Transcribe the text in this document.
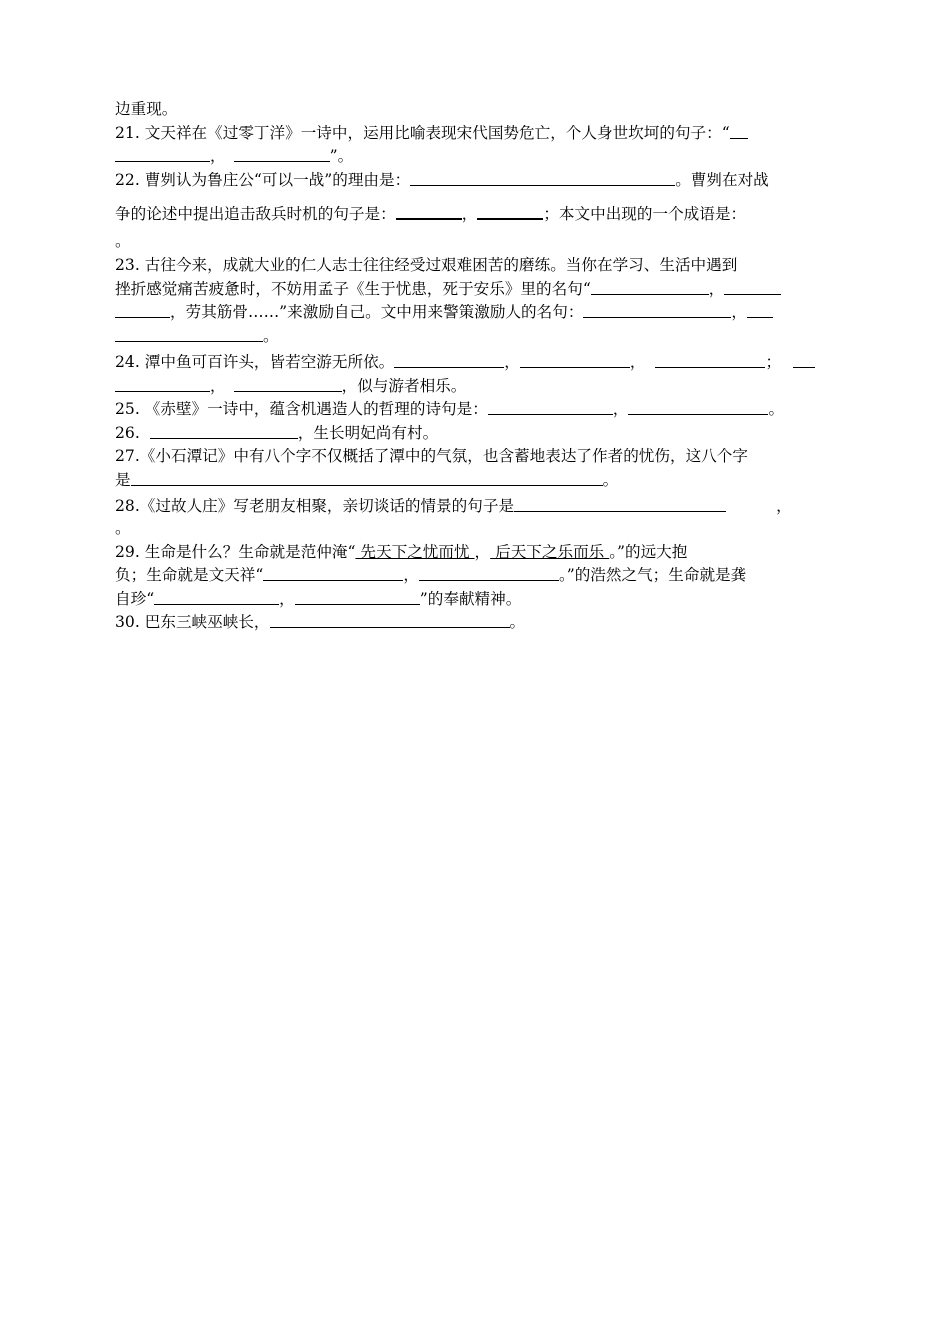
边重现。
21. 文天祥在《过零丁洋》一诗中，运用比喻表现宋代国势危亡，个人身世坎坷的句子：“
，	”。
22. 曹刿认为鲁庄公“可以一战”的理由是：	。曹刿在对战
争的论述中提出追击敌兵时机的句子是：	，	；本文中出现的一个成语是：
。
23. 古往今来，成就大业的仁人志士往往经受过艰难困苦的磨练。当你在学习、生活中遇到
挫折感觉痛苦疲惫时，不妨用孟子《生于忧患，死于安乐》里的名句“	，
，劳其筋骨……”来激励自己。文中用来警策激励人的名句：	，
。
24. 潭中鱼可百许头，皆若空游无所依。	，	，	；
，	，似与游者相乐。
25. 《赤壁》一诗中，蕴含机遇造人的哲理的诗句是：	，	。
26.	，生长明妃尚有村。
27.《小石潭记》中有八个字不仅概括了潭中的气氛，也含蓄地表达了作者的忧伤，这八个字
是	。
28.《过故人庄》写老朋友相聚，亲切谈话的情景的句子是	，
。
29. 生命是什么？生命就是范仲淹“ 先天下之忧而忧 ， 后天下之乐而乐 。”的远大抱
负；生命就是文天祥“	，	。”的浩然之气；生命就是龚
自珍“	，	”的奉献精神。
30. 巴东三峡巫峡长，	。
